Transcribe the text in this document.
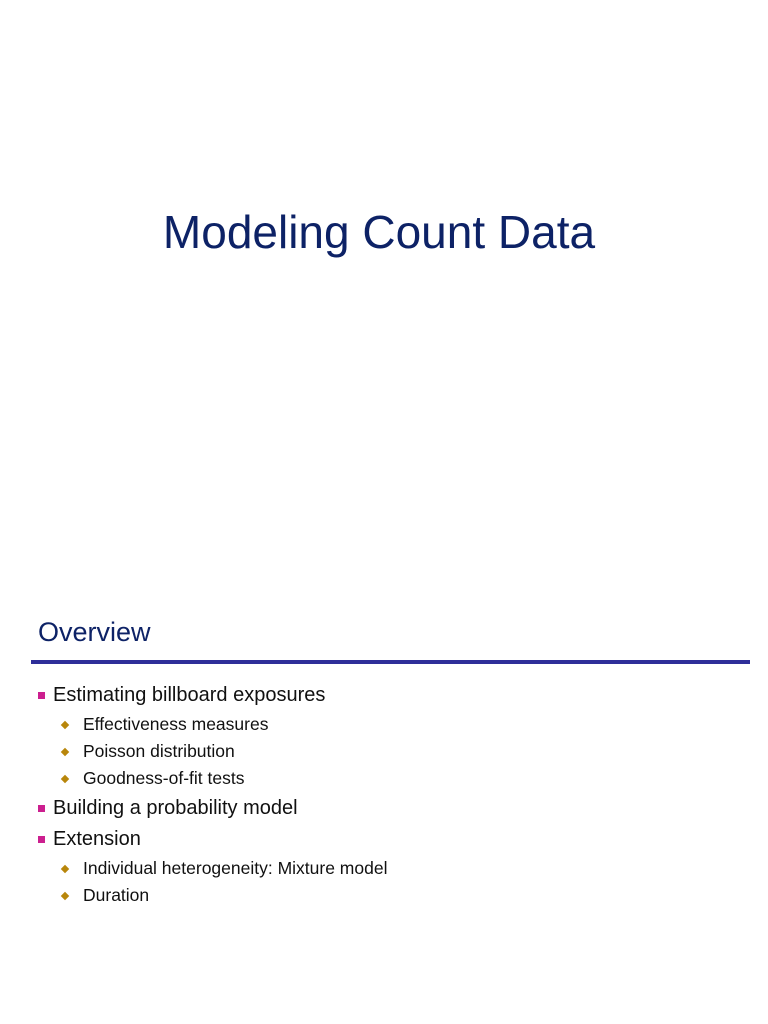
Modeling Count Data
Overview
Estimating billboard exposures
Effectiveness measures
Poisson distribution
Goodness-of-fit tests
Building a probability model
Extension
Individual heterogeneity: Mixture model
Duration
